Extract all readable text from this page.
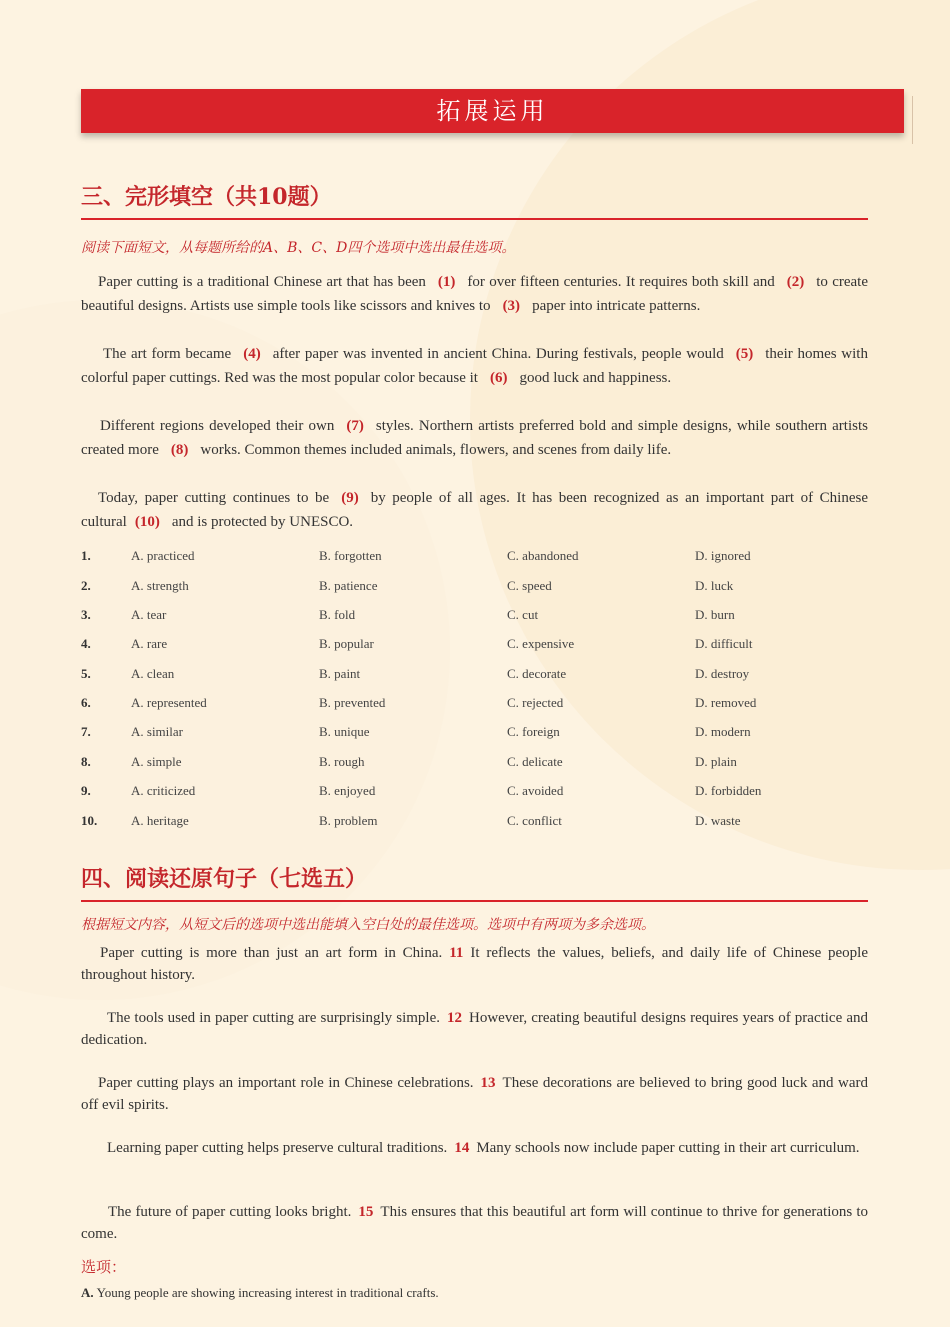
拓展运用
三、完形填空（共10题）
阅读下面短文，从每题所给的A、B、C、D四个选项中选出最佳选项。
Paper cutting is a traditional Chinese art that has been (1) for over fifteen centuries. It requires both skill and (2) to create beautiful designs. Artists use simple tools like scissors and knives to (3) paper into intricate patterns.
The art form became (4) after paper was invented in ancient China. During festivals, people would (5) their homes with colorful paper cuttings. Red was the most popular color because it (6) good luck and happiness.
Different regions developed their own (7) styles. Northern artists preferred bold and simple designs, while southern artists created more (8) works. Common themes included animals, flowers, and scenes from daily life.
Today, paper cutting continues to be (9) by people of all ages. It has been recognized as an important part of Chinese cultural (10) and is protected by UNESCO.
1.	A. practiced	B. forgotten	C. abandoned	D. ignored
2.	A. strength	B. patience	C. speed	D. luck
3.	A. tear	B. fold	C. cut	D. burn
4.	A. rare	B. popular	C. expensive	D. difficult
5.	A. clean	B. paint	C. decorate	D. destroy
6.	A. represented	B. prevented	C. rejected	D. removed
7.	A. similar	B. unique	C. foreign	D. modern
8.	A. simple	B. rough	C. delicate	D. plain
9.	A. criticized	B. enjoyed	C. avoided	D. forbidden
10.	A. heritage	B. problem	C. conflict	D. waste
四、阅读还原句子（七选五）
根据短文内容，从短文后的选项中选出能填入空白处的最佳选项。选项中有两项为多余选项。
Paper cutting is more than just an art form in China. 11 It reflects the values, beliefs, and daily life of Chinese people throughout history.
The tools used in paper cutting are surprisingly simple. 12 However, creating beautiful designs requires years of practice and dedication.
Paper cutting plays an important role in Chinese celebrations. 13 These decorations are believed to bring good luck and ward off evil spirits.
Learning paper cutting helps preserve cultural traditions. 14 Many schools now include paper cutting in their art curriculum.
The future of paper cutting looks bright. 15 This ensures that this beautiful art form will continue to thrive for generations to come.
选项：
A. Young people are showing increasing interest in traditional crafts.
